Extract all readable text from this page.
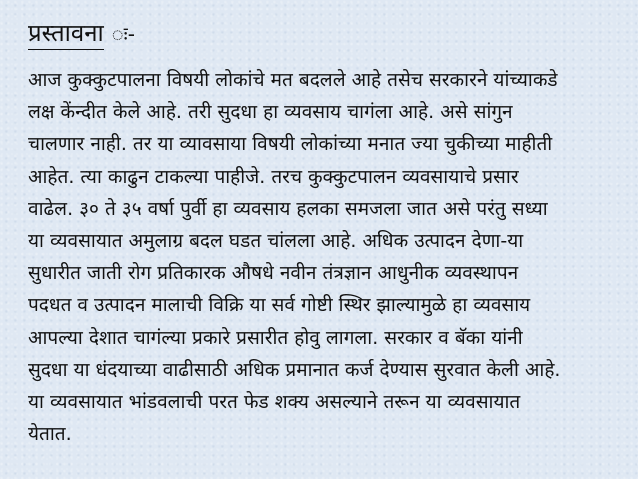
प्रस्तावना ः-
आज कुक्कुटपालना विषयी लोकांचे मत बदलले आहे तसेच सरकारने यांच्याकडे
लक्ष केंन्दीत केले आहे. तरी सुदधा हा व्यवसाय चागंला आहे. असे सांगुन
चालणार नाही. तर या व्यावसाया विषयी लोकांच्या मनात ज्या चुकीच्या माहीती
आहेत. त्या काढुन टाकल्या पाहीजे. तरच कुक्कुटपालन व्यवसायाचे प्रसार
वाढेल. ३० ते ३५ वर्षा पुर्वी हा व्यवसाय हलका समजला जात असे परंतु सध्या
या व्यवसायात अमुलाग्र बदल घडत चांलला आहे. अधिक उत्पादन देणा-या
सुधारीत जाती रोग प्रतिकारक औषधे नवीन तंत्रज्ञान आधुनीक व्यवस्थापन
पदधत व उत्पादन मालाची विक्रि या सर्व गोष्टी स्थिर झाल्यामुळे हा व्यवसाय
आपल्या देशात चागंल्या प्रकारे प्रसारीत होवु लागला. सरकार व बॅका यांनी
सुदधा या धंदयाच्या वाढीसाठी अधिक प्रमानात कर्ज देण्यास सुरवात केली आहे.
या व्यवसायात भांडवलाची परत फेड शक्य असल्याने तरून या व्यवसायात
येतात.
